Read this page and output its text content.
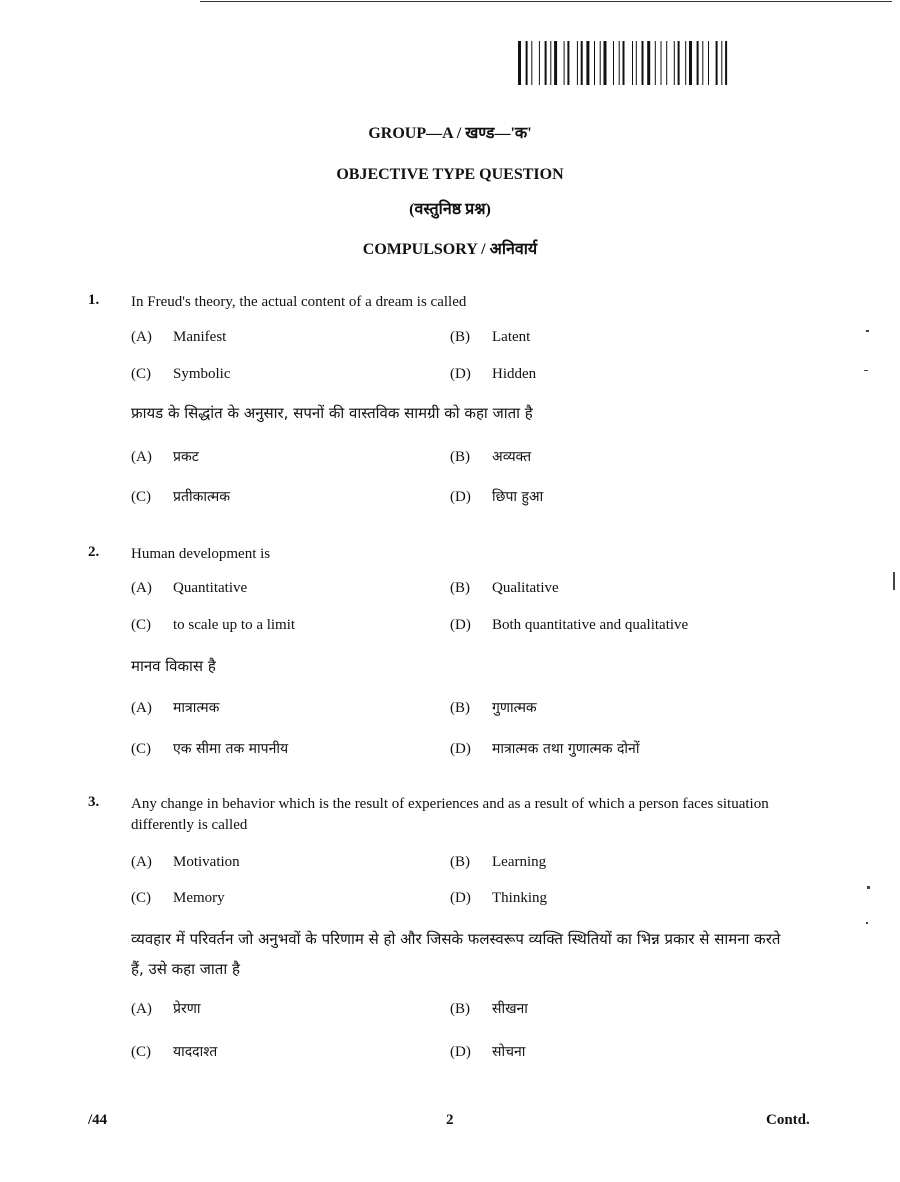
GROUP—A / खण्ड—'क'
OBJECTIVE TYPE QUESTION
(वस्तुनिष्ठ प्रश्न)
COMPULSORY / अनिवार्य
1. In Freud's theory, the actual content of a dream is called
(A) Manifest	(B) Latent
(C) Symbolic	(D) Hidden
फ्रायड के सिद्धांत के अनुसार, सपनों की वास्तविक सामग्री को कहा जाता है
(A) प्रकट	(B) अव्यक्त
(C) प्रतीकात्मक	(D) छिपा हुआ
2. Human development is
(A) Quantitative	(B) Qualitative
(C) to scale up to a limit	(D) Both quantitative and qualitative
मानव विकास है
(A) मात्रात्मक	(B) गुणात्मक
(C) एक सीमा तक मापनीय	(D) मात्रात्मक तथा गुणात्मक दोनों
3. Any change in behavior which is the result of experiences and as a result of which a person faces situation differently is called
(A) Motivation	(B) Learning
(C) Memory	(D) Thinking
व्यवहार में परिवर्तन जो अनुभवों के परिणाम से हो और जिसके फलस्वरूप व्यक्ति स्थितियों का भिन्न प्रकार से सामना करते हैं, उसे कहा जाता है
(A) प्रेरणा	(B) सीखना
(C) याददाश्त	(D) सोचना
/44	2	Contd.
